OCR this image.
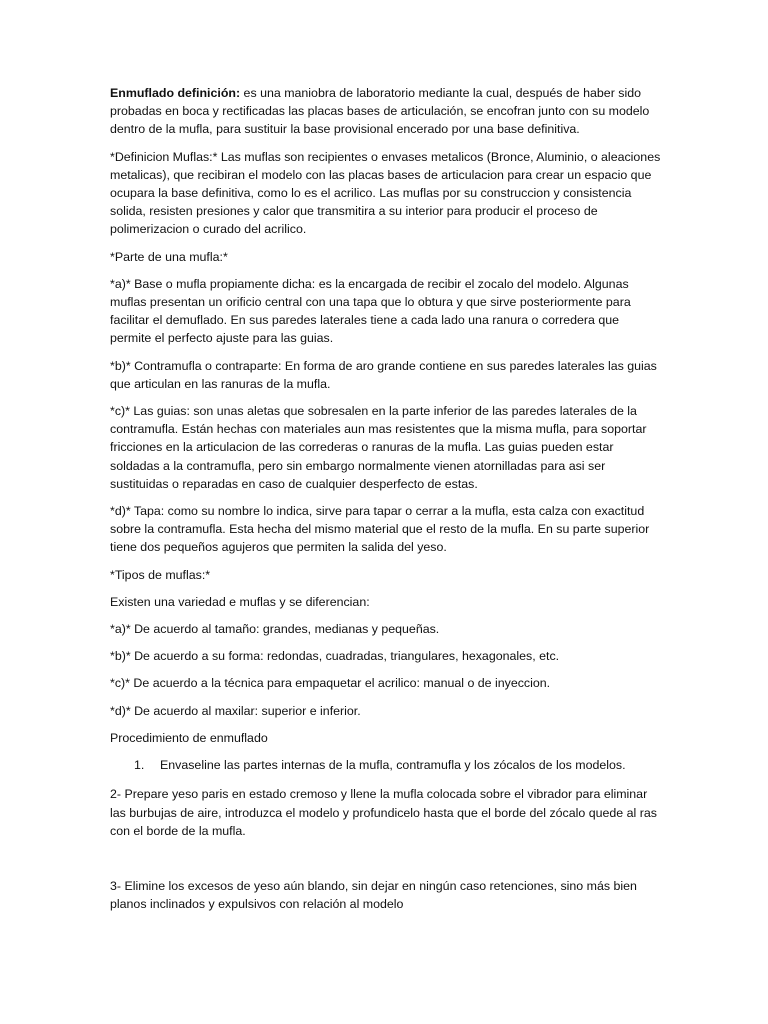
Enmuflado definición: es una maniobra de laboratorio mediante la cual, después de haber sido probadas en boca y rectificadas las placas bases de articulación, se encofran junto con su modelo dentro de la mufla, para sustituir la base provisional encerado por una base definitiva.

*Definicion Muflas:* Las muflas son recipientes o envases metalicos (Bronce, Aluminio, o aleaciones metalicas), que recibiran el modelo con las placas bases de articulacion para crear un espacio que ocupara la base definitiva, como lo es el acrilico. Las muflas por su construccion y consistencia solida, resisten presiones y calor que transmitira a su interior para producir el proceso de polimerizacion o curado del acrilico.

*Parte de una mufla:*

*a)* Base o mufla propiamente dicha: es la encargada de recibir el zocalo del modelo. Algunas muflas presentan un orificio central con una tapa que lo obtura y que sirve posteriormente para facilitar el demuflado. En sus paredes laterales tiene a cada lado una ranura o corredera que permite el perfecto ajuste para las guias.

*b)* Contramufla o contraparte: En forma de aro grande contiene en sus paredes laterales las guias que articulan en las ranuras de la mufla.

*c)* Las guias: son unas aletas que sobresalen en la parte inferior de las paredes laterales de la contramufla. Están hechas con materiales aun mas resistentes que la misma mufla, para soportar fricciones en la articulacion de las correderas o ranuras de la mufla. Las guias pueden estar soldadas a la contramufla, pero sin embargo normalmente vienen atornilladas para asi ser sustituidas o reparadas en caso de cualquier desperfecto de estas.

*d)* Tapa: como su nombre lo indica, sirve para tapar o cerrar a la mufla, esta calza con exactitud sobre la contramufla. Esta hecha del mismo material que el resto de la mufla. En su parte superior tiene dos pequeños agujeros que permiten la salida del yeso.

*Tipos de muflas:*

Existen una variedad e muflas y se diferencian:

*a)* De acuerdo al tamaño: grandes, medianas y pequeñas.

*b)* De acuerdo a su forma: redondas, cuadradas, triangulares, hexagonales, etc.

*c)* De acuerdo a la técnica para empaquetar el acrilico: manual o de inyeccion.

*d)* De acuerdo al maxilar: superior e inferior.

Procedimiento de enmuflado

1.	Envaseline las partes internas de la mufla, contramufla y los zócalos de los modelos.

2- Prepare yeso paris en estado cremoso y llene la mufla colocada sobre el vibrador para eliminar las burbujas de aire, introduzca el modelo y profundicelo hasta que el borde del zócalo quede al ras con el borde de la mufla.

3- Elimine los excesos de yeso aún blando, sin dejar en ningún caso retenciones, sino más bien planos inclinados y expulsivos con relación al modelo
